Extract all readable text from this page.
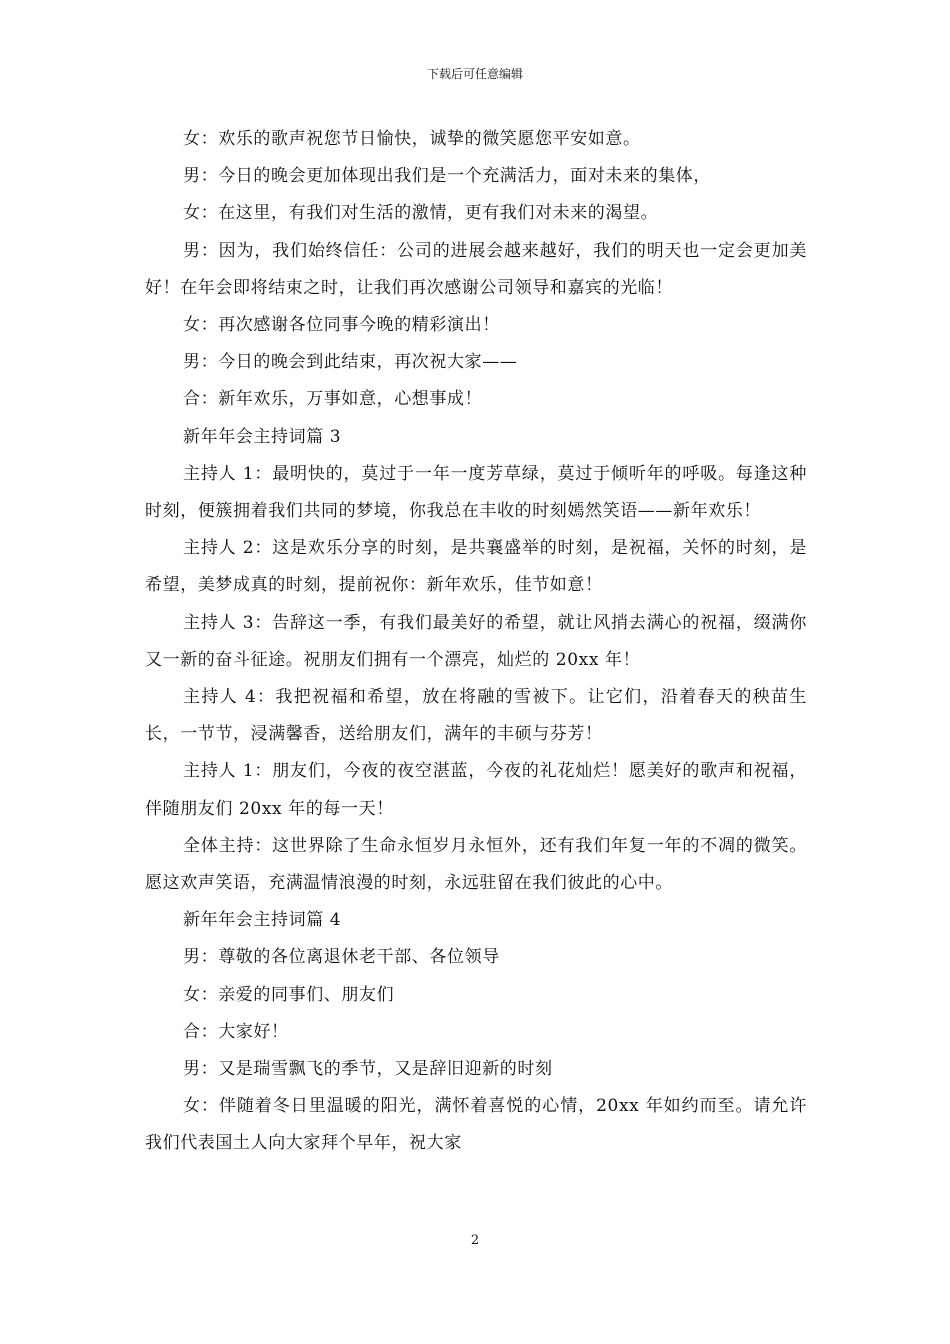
下载后可任意编辑

女：欢乐的歌声祝您节日愉快，诚挚的微笑愿您平安如意。

男：今日的晚会更加体现出我们是一个充满活力，面对未来的集体，

女：在这里，有我们对生活的激情，更有我们对未来的渴望。

男：因为，我们始终信任：公司的进展会越来越好，我们的明天也一定会更加美好！在年会即将结束之时，让我们再次感谢公司领导和嘉宾的光临！

女：再次感谢各位同事今晚的精彩演出！

男：今日的晚会到此结束，再次祝大家——

合：新年欢乐，万事如意，心想事成！

新年年会主持词篇 3

主持人 1：最明快的，莫过于一年一度芳草绿，莫过于倾听年的呼吸。每逢这种时刻，便簇拥着我们共同的梦境，你我总在丰收的时刻嫣然笑语——新年欢乐！

主持人 2：这是欢乐分享的时刻，是共襄盛举的时刻，是祝福，关怀的时刻，是希望，美梦成真的时刻，提前祝你：新年欢乐，佳节如意！

主持人 3：告辞这一季，有我们最美好的希望，就让风捎去满心的祝福，缀满你又一新的奋斗征途。祝朋友们拥有一个漂亮，灿烂的 20xx 年！

主持人 4：我把祝福和希望，放在将融的雪被下。让它们，沿着春天的秧苗生长，一节节，浸满馨香，送给朋友们，满年的丰硕与芬芳！

主持人 1：朋友们，今夜的夜空湛蓝，今夜的礼花灿烂！愿美好的歌声和祝福，伴随朋友们 20xx 年的每一天！

全体主持：这世界除了生命永恒岁月永恒外，还有我们年复一年的不凋的微笑。愿这欢声笑语，充满温情浪漫的时刻，永远驻留在我们彼此的心中。

新年年会主持词篇 4

男：尊敬的各位离退休老干部、各位领导

女：亲爱的同事们、朋友们

合：大家好！

男：又是瑞雪飘飞的季节，又是辞旧迎新的时刻

女：伴随着冬日里温暖的阳光，满怀着喜悦的心情，20xx 年如约而至。请允许我们代表国土人向大家拜个早年，祝大家

2
